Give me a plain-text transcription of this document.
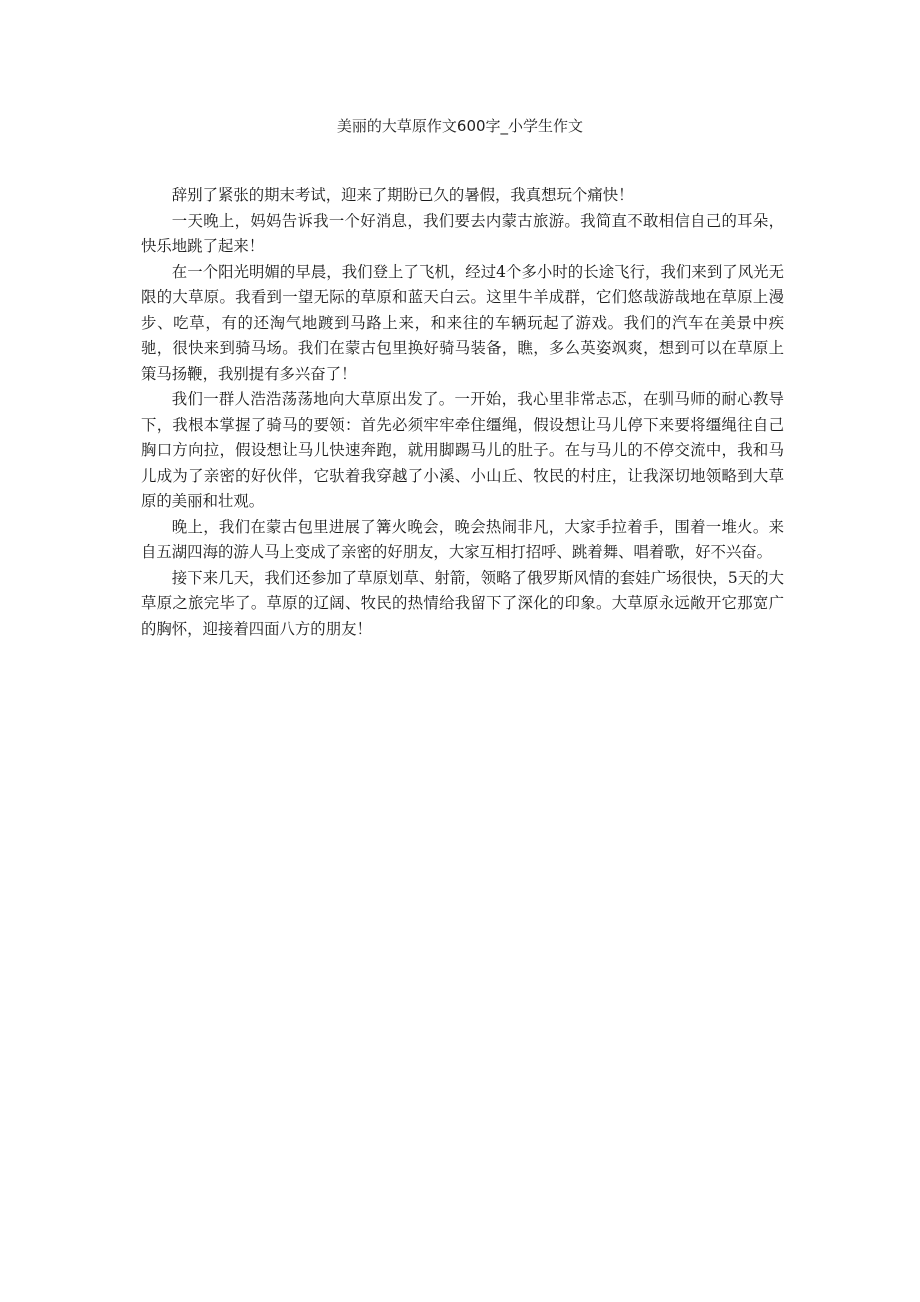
美丽的大草原作文600字_小学生作文

辞别了紧张的期末考试，迎来了期盼已久的暑假，我真想玩个痛快！

一天晚上，妈妈告诉我一个好消息，我们要去内蒙古旅游。我简直不敢相信自己的耳朵，快乐地跳了起来！

在一个阳光明媚的早晨，我们登上了飞机，经过4个多小时的长途飞行，我们来到了风光无限的大草原。我看到一望无际的草原和蓝天白云。这里牛羊成群，它们悠哉游哉地在草原上漫步、吃草，有的还淘气地踱到马路上来，和来往的车辆玩起了游戏。我们的汽车在美景中疾驰，很快来到骑马场。我们在蒙古包里换好骑马装备，瞧，多么英姿飒爽，想到可以在草原上策马扬鞭，我别提有多兴奋了！

我们一群人浩浩荡荡地向大草原出发了。一开始，我心里非常忐忑，在驯马师的耐心教导下，我根本掌握了骑马的要领：首先必须牢牢牵住缰绳，假设想让马儿停下来要将缰绳往自己胸口方向拉，假设想让马儿快速奔跑，就用脚踢马儿的肚子。在与马儿的不停交流中，我和马儿成为了亲密的好伙伴，它驮着我穿越了小溪、小山丘、牧民的村庄，让我深切地领略到大草原的美丽和壮观。

晚上，我们在蒙古包里进展了篝火晚会，晚会热闹非凡，大家手拉着手，围着一堆火。来自五湖四海的游人马上变成了亲密的好朋友，大家互相打招呼、跳着舞、唱着歌，好不兴奋。

接下来几天，我们还参加了草原划草、射箭，领略了俄罗斯风情的套娃广场很快，5天的大草原之旅完毕了。草原的辽阔、牧民的热情给我留下了深化的印象。大草原永远敞开它那宽广的胸怀，迎接着四面八方的朋友！
